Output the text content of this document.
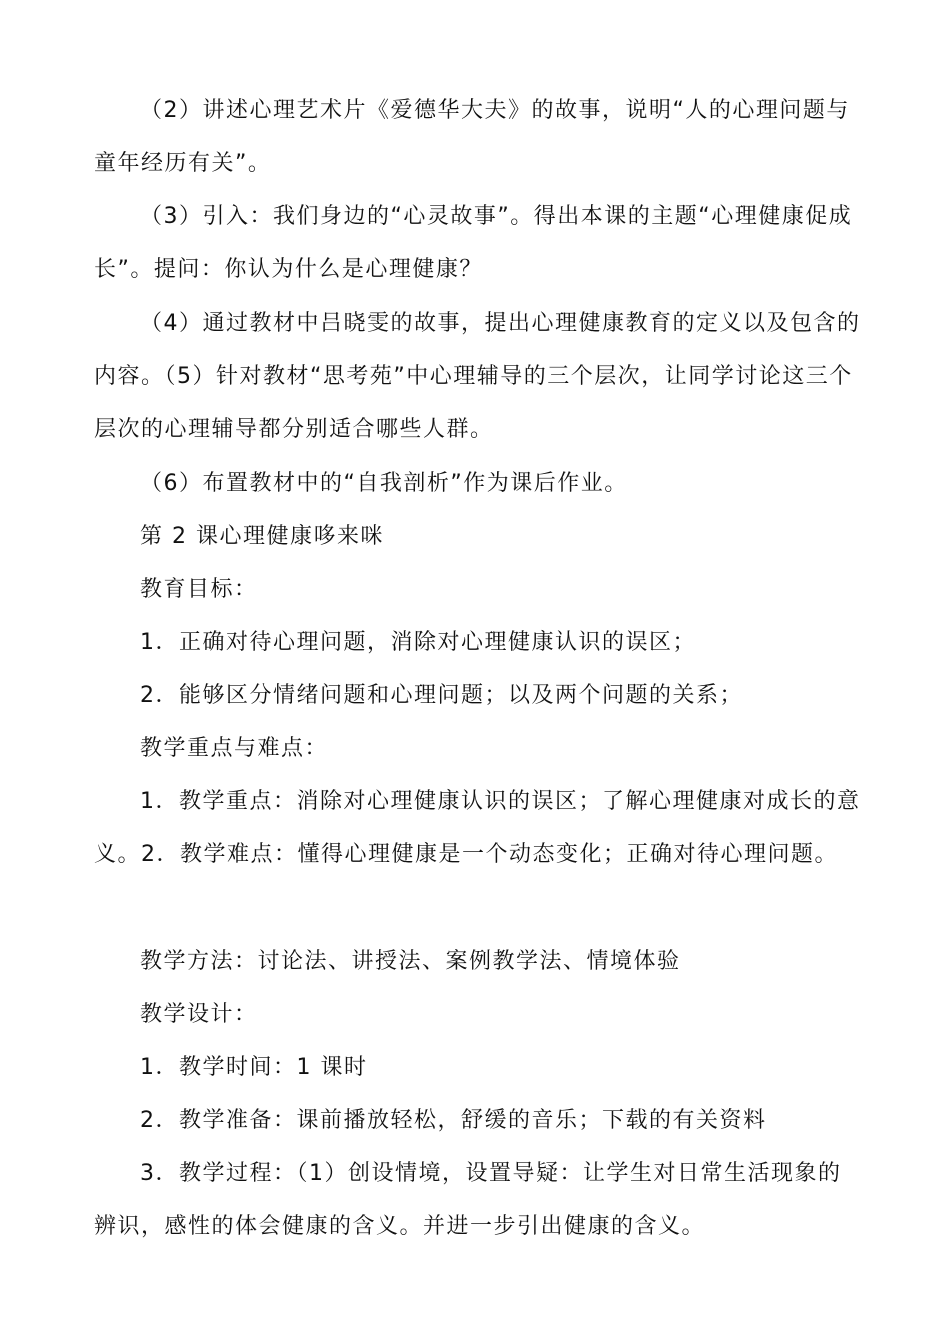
（2）讲述心理艺术片《爱德华大夫》的故事，说明“人的心理问题与童年经历有关”。

（3）引入：我们身边的“心灵故事”。得出本课的主题“心理健康促成长”。提问：你认为什么是心理健康？

（4）通过教材中吕晓雯的故事，提出心理健康教育的定义以及包含的内容。（5）针对教材“思考苑”中心理辅导的三个层次，让同学讨论这三个层次的心理辅导都分别适合哪些人群。

（6）布置教材中的“自我剖析”作为课后作业。

第 2 课心理健康哆来咪

教育目标：

1．正确对待心理问题，消除对心理健康认识的误区；

2．能够区分情绪问题和心理问题；以及两个问题的关系；

教学重点与难点：

1．教学重点：消除对心理健康认识的误区；了解心理健康对成长的意义。2．教学难点：懂得心理健康是一个动态变化；正确对待心理问题。

教学方法：讨论法、讲授法、案例教学法、情境体验

教学设计：

1．教学时间：1 课时

2．教学准备：课前播放轻松，舒缓的音乐；下载的有关资料

3．教学过程：（1）创设情境，设置导疑：让学生对日常生活现象的辨识，感性的体会健康的含义。并进一步引出健康的含义。
